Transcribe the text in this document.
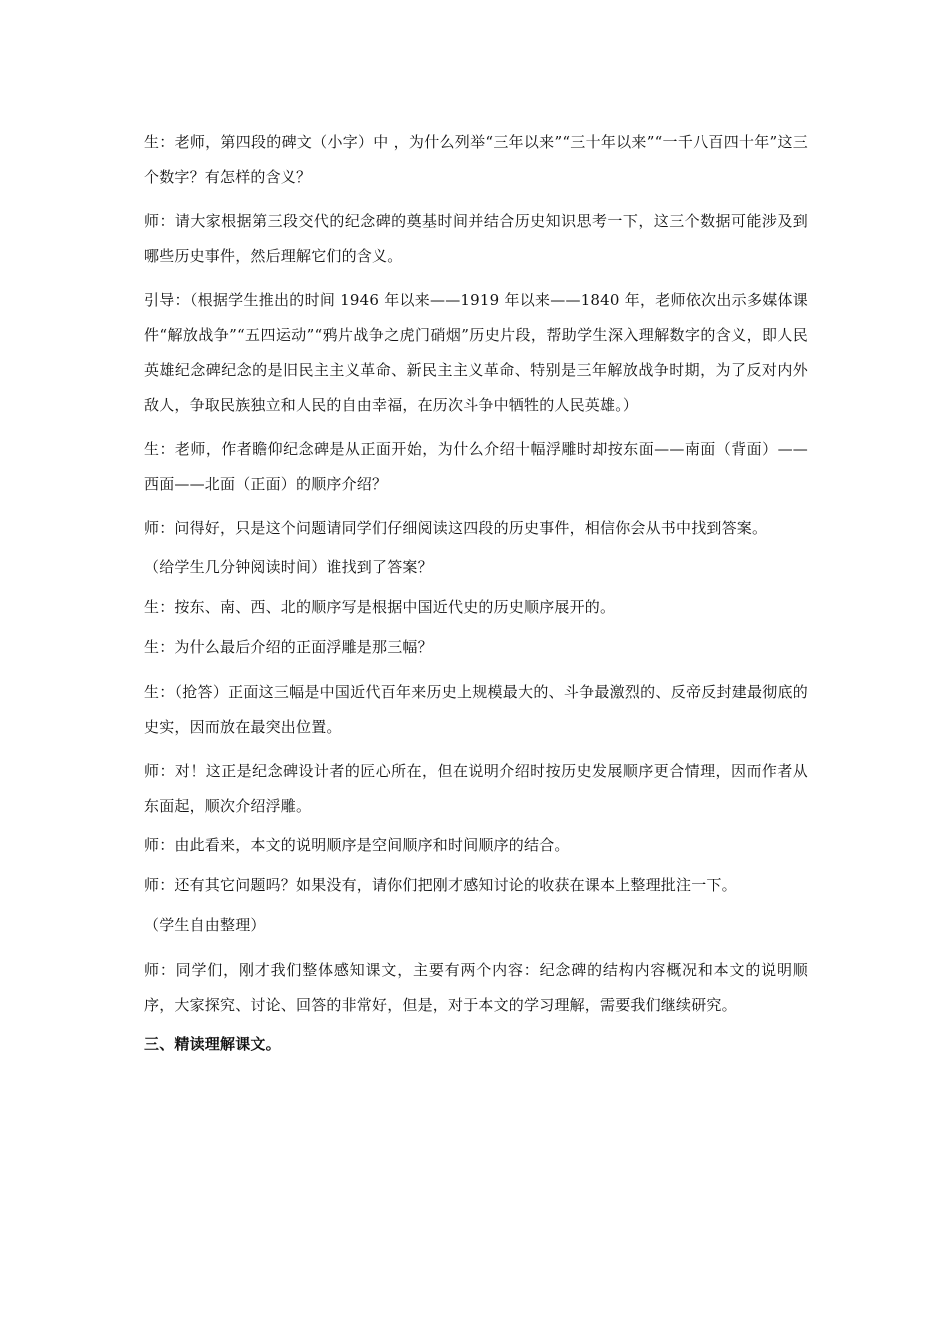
生：老师，第四段的碑文（小字）中 ，为什么列举“三年以来”“三十年以来”“一千八百四十年”这三个数字？有怎样的含义？

师：请大家根据第三段交代的纪念碑的奠基时间并结合历史知识思考一下，这三个数据可能涉及到哪些历史事件，然后理解它们的含义。

引导：（根据学生推出的时间 1946 年以来——1919 年以来——1840 年，老师依次出示多媒体课件“解放战争”“五四运动”“鸦片战争之虎门硝烟”历史片段，帮助学生深入理解数字的含义，即人民英雄纪念碑纪念的是旧民主主义革命、新民主主义革命、特别是三年解放战争时期，为了反对内外敌人，争取民族独立和人民的自由幸福，在历次斗争中牺牲的人民英雄。）

生：老师，作者瞻仰纪念碑是从正面开始，为什么介绍十幅浮雕时却按东面——南面（背面）——西面——北面（正面）的顺序介绍？

师：问得好，只是这个问题请同学们仔细阅读这四段的历史事件，相信你会从书中找到答案。

（给学生几分钟阅读时间）谁找到了答案？

生：按东、南、西、北的顺序写是根据中国近代史的历史顺序展开的。

生：为什么最后介绍的正面浮雕是那三幅？

生：（抢答）正面这三幅是中国近代百年来历史上规模最大的、斗争最激烈的、反帝反封建最彻底的史实，因而放在最突出位置。

师：对！这正是纪念碑设计者的匠心所在，但在说明介绍时按历史发展顺序更合情理，因而作者从东面起，顺次介绍浮雕。

师：由此看来，本文的说明顺序是空间顺序和时间顺序的结合。

师：还有其它问题吗？如果没有，请你们把刚才感知讨论的收获在课本上整理批注一下。

（学生自由整理）

师：同学们，刚才我们整体感知课文，主要有两个内容：纪念碑的结构内容概况和本文的说明顺序，大家探究、讨论、回答的非常好，但是，对于本文的学习理解，需要我们继续研究。

三、精读理解课文。
